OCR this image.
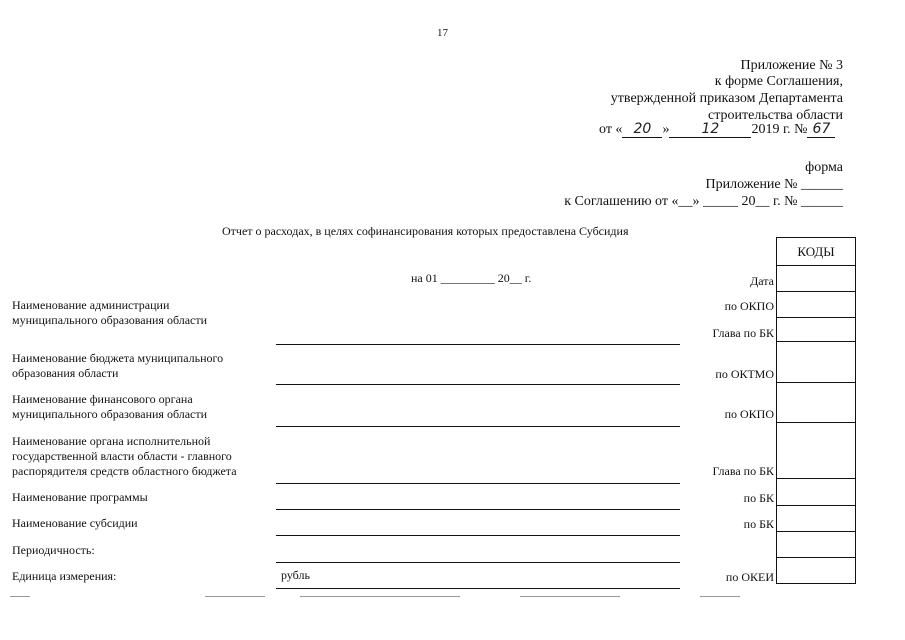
17
Приложение № 3
к форме Соглашения,
утвержденной приказом Департамента
строительства области
от « 20 » 12 2019 г. № 67
форма
Приложение № ______
к Соглашению от «__» _____ 20__ г. № ______
Отчет о расходах, в целях софинансирования которых предоставлена Субсидия
на 01 _________ 20__ г.
КОДЫ
Дата
по ОКПО
Глава по БК
по ОКТМО
по ОКПО
Глава по БК
по БК
по БК
по ОКЕИ
Наименование администрации муниципального образования области
Наименование бюджета муниципального образования области
Наименование финансового органа муниципального образования области
Наименование органа исполнительной государственной власти области - главного распорядителя средств областного бюджета
Наименование программы
Наименование субсидии
Периодичность:
Единица измерения:	рубль
